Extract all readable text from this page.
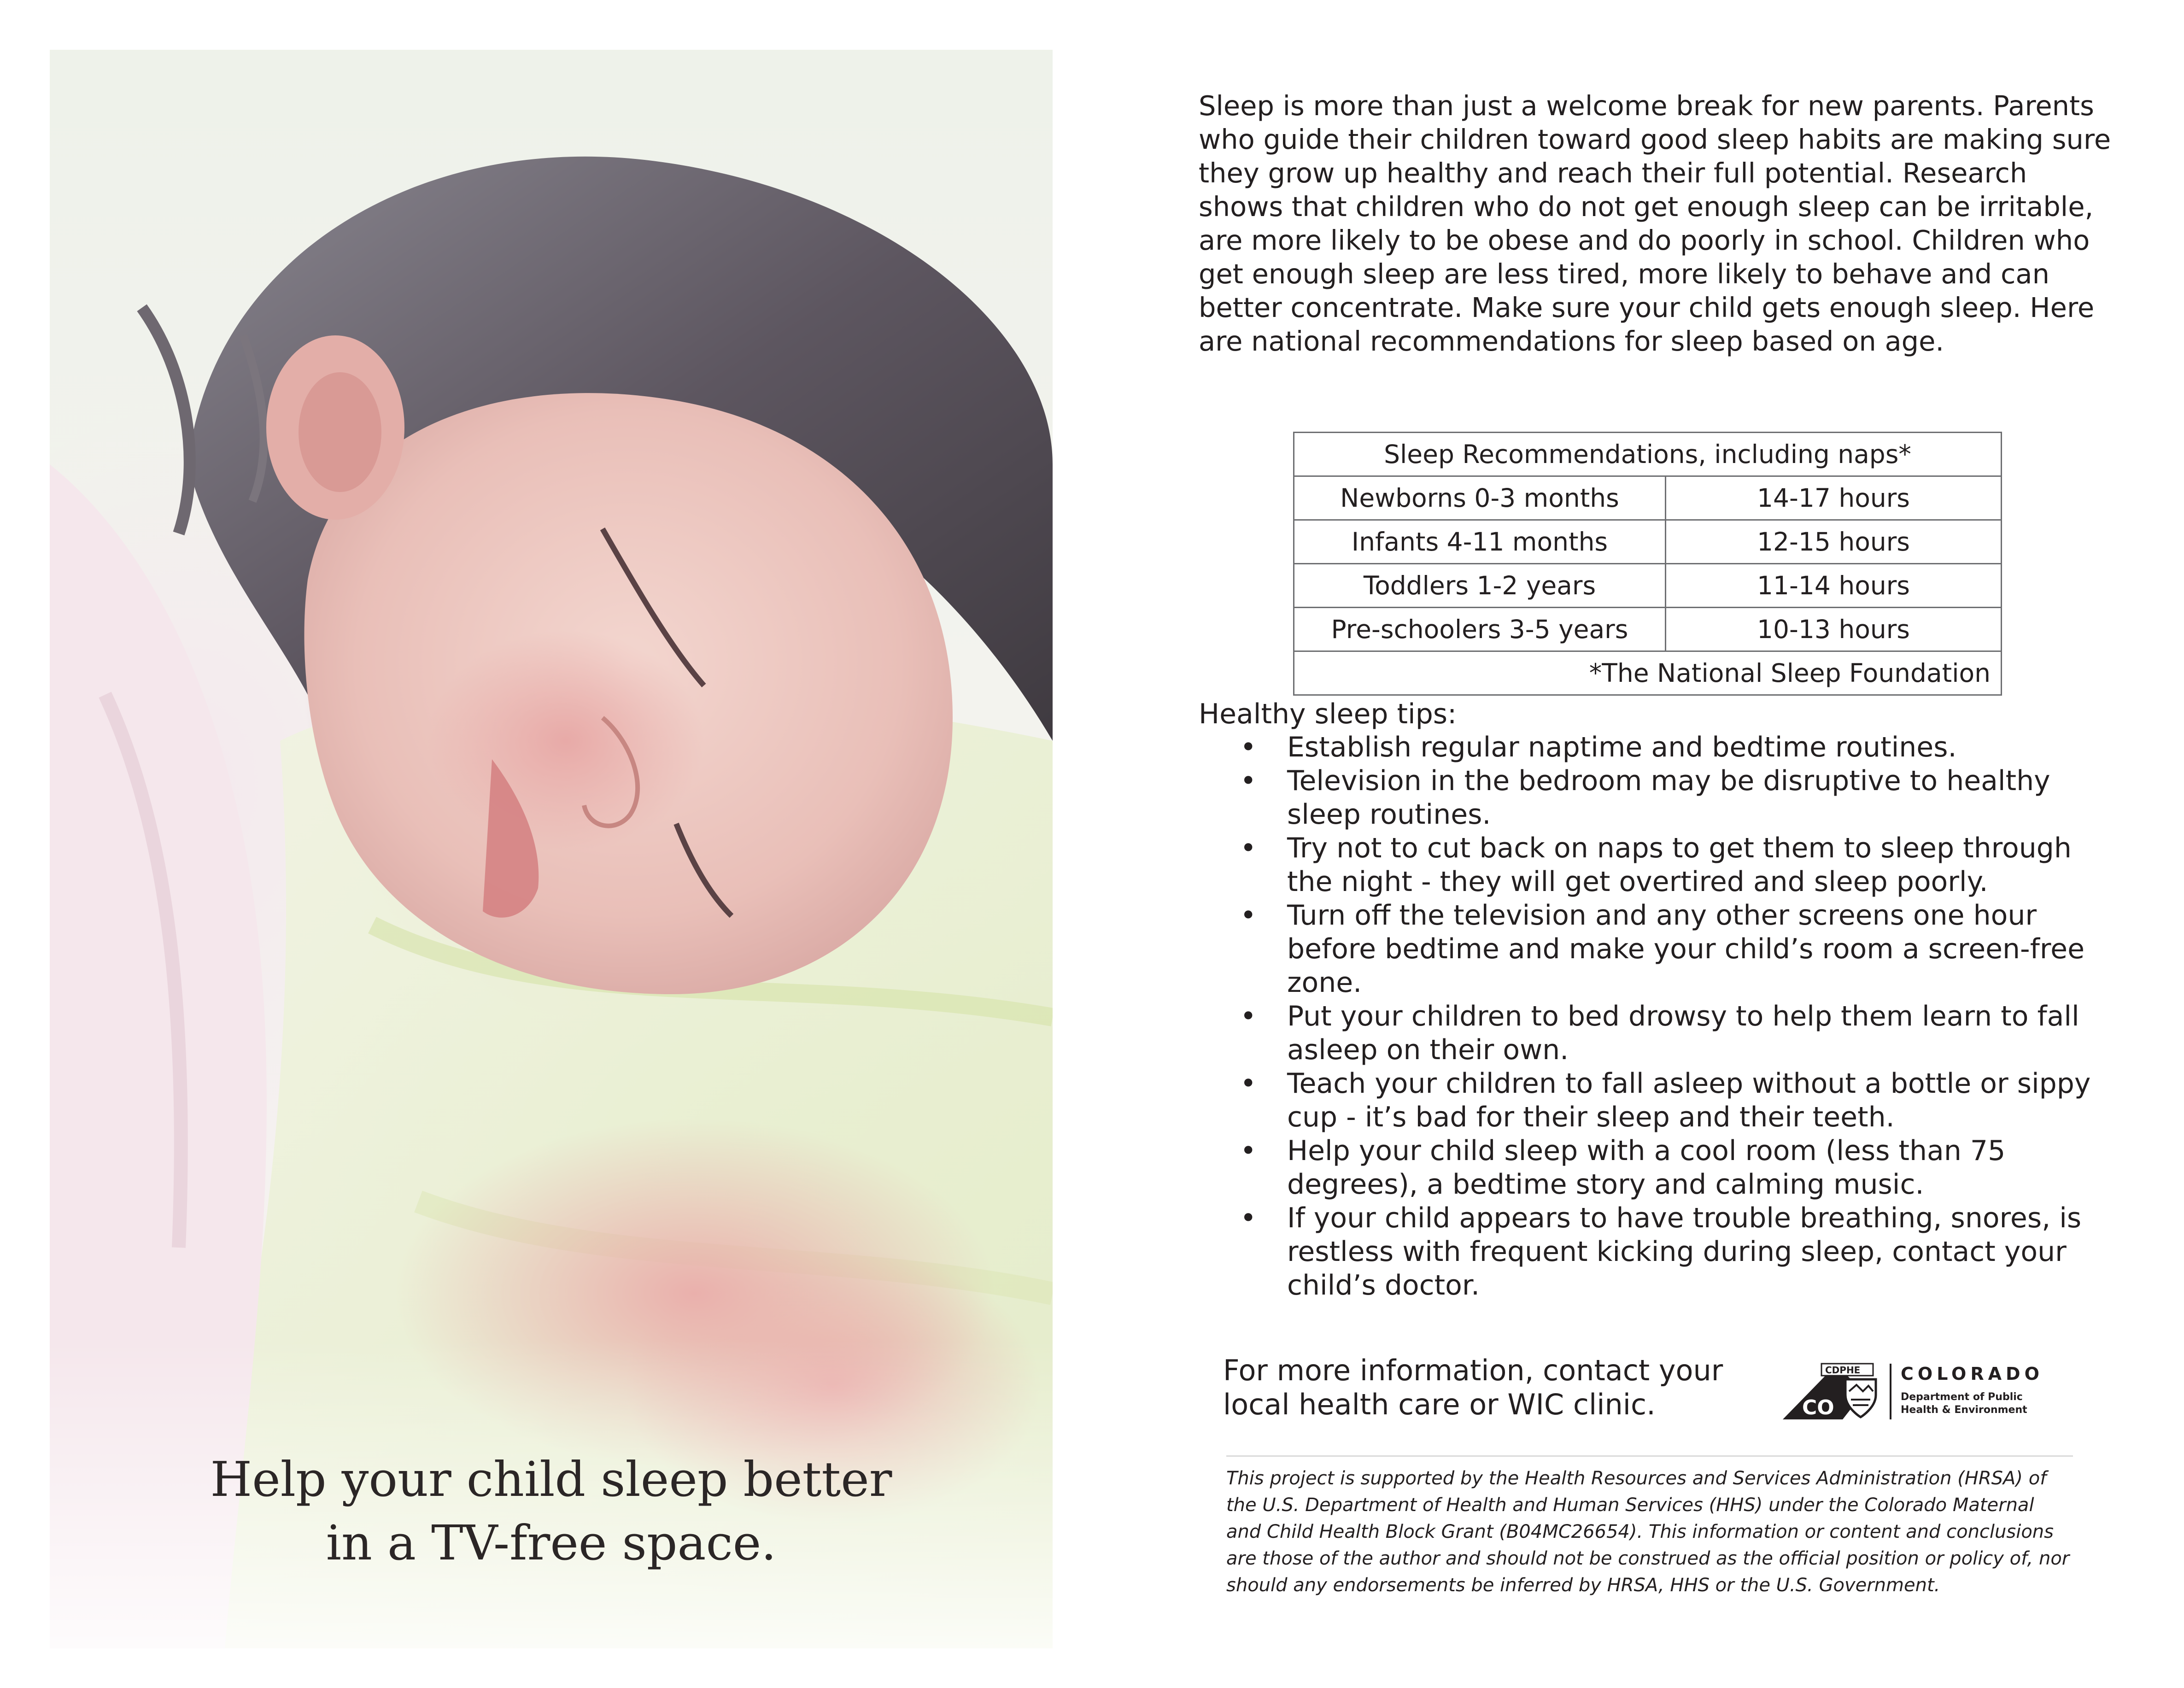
Help your child sleep better
in a TV-free space.

Sleep is more than just a welcome break for new parents. Parents who guide their children toward good sleep habits are making sure they grow up healthy and reach their full potential. Research shows that children who do not get enough sleep can be irritable, are more likely to be obese and do poorly in school. Children who get enough sleep are less tired, more likely to behave and can better concentrate. Make sure your child gets enough sleep. Here are national recommendations for sleep based on age.

Sleep Recommendations, including naps*	
Newborns 0-3 months	14-17 hours
Infants 4-11 months	12-15 hours
Toddlers 1-2 years	11-14 hours
Pre-schoolers 3-5 years	10-13 hours
*The National Sleep Foundation	
Healthy sleep tips:
• Establish regular naptime and bedtime routines.
• Television in the bedroom may be disruptive to healthy sleep routines.
• Try not to cut back on naps to get them to sleep through the night - they will get overtired and sleep poorly.
• Turn off the television and any other screens one hour before bedtime and make your child’s room a screen-free zone.
• Put your children to bed drowsy to help them learn to fall asleep on their own.
• Teach your children to fall asleep without a bottle or sippy cup - it’s bad for their sleep and their teeth.
• Help your child sleep with a cool room (less than 75 degrees), a bedtime story and calming music.
• If your child appears to have trouble breathing, snores, is restless with frequent kicking during sleep, contact your child’s doctor.

For more information, contact your
local health care or WIC clinic.	CO
CDPHE COLORADO
Department of Public
Health & Environment

This project is supported by the Health Resources and Services Administration (HRSA) of the U.S. Department of Health and Human Services (HHS) under the Colorado Maternal and Child Health Block Grant (B04MC26654). This information or content and conclusions are those of the author and should not be construed as the official position or policy of, nor should any endorsements be inferred by HRSA, HHS or the U.S. Government.
